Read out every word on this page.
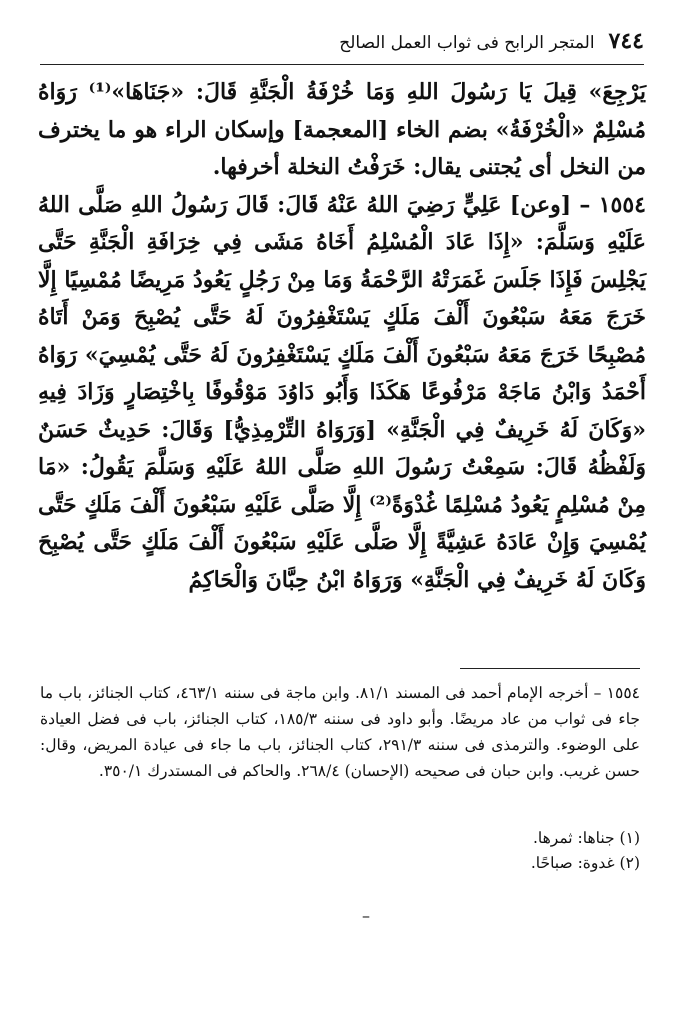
٧٤٤
المتجر الرابح فى ثواب العمل الصالح

يَرْجِعَ» قِيلَ يَا رَسُولَ اللهِ وَمَا خُرْفَةُ الْجَنَّةِ قَالَ: «جَنَاهَا»⁽¹⁾ رَوَاهُ مُسْلِمٌ «الْخُرْفَةُ» بضم الخاء [المعجمة] وإسكان الراء هو ما يخترف من النخل أى يُجتنى يقال: خَرَفْتُ النخلة أخرفها.

١٥٥٤ – [وعن] عَلِيٍّ رَضِيَ اللهُ عَنْهُ قَالَ: قَالَ رَسُولُ اللهِ صَلَّى اللهُ عَلَيْهِ وَسَلَّمَ: «إِذَا عَادَ الْمُسْلِمُ أَخَاهُ مَشَى فِي خِرَافَةِ الْجَنَّةِ حَتَّى يَجْلِسَ فَإِذَا جَلَسَ غَمَرَتْهُ الرَّحْمَةُ وَمَا مِنْ رَجُلٍ يَعُودُ مَرِيضًا مُمْسِيًا إِلَّا خَرَجَ مَعَهُ سَبْعُونَ أَلْفَ مَلَكٍ يَسْتَغْفِرُونَ لَهُ حَتَّى يُصْبِحَ وَمَنْ أَتَاهُ مُصْبِحًا خَرَجَ مَعَهُ سَبْعُونَ أَلْفَ مَلَكٍ يَسْتَغْفِرُونَ لَهُ حَتَّى يُمْسِيَ» رَوَاهُ أَحْمَدُ وَابْنُ مَاجَهْ مَرْفُوعًا هَكَذَا وَأَبُو دَاوُدَ مَوْقُوفًا بِاخْتِصَارٍ وَزَادَ فِيهِ «وَكَانَ لَهُ خَرِيفٌ فِي الْجَنَّةِ» [وَرَوَاهُ التِّرْمِذِيُّ] وَقَالَ: حَدِيثٌ حَسَنٌ وَلَفْظُهُ قَالَ: سَمِعْتُ رَسُولَ اللهِ صَلَّى اللهُ عَلَيْهِ وَسَلَّمَ يَقُولُ: «مَا مِنْ مُسْلِمٍ يَعُودُ مُسْلِمًا غُدْوَةً⁽²⁾ إِلَّا صَلَّى عَلَيْهِ سَبْعُونَ أَلْفَ مَلَكٍ حَتَّى يُمْسِيَ وَإِنْ عَادَهُ عَشِيَّةً إِلَّا صَلَّى عَلَيْهِ سَبْعُونَ أَلْفَ مَلَكٍ حَتَّى يُصْبِحَ وَكَانَ لَهُ خَرِيفٌ فِي الْجَنَّةِ» وَرَوَاهُ ابْنُ حِبَّانَ وَالْحَاكِمُ

١٥٥٤ – أخرجه الإمام أحمد فى المسند ٨١/١. وابن ماجة فى سننه ٤٦٣/١، كتاب الجنائز، باب ما جاء فى ثواب من عاد مريضًا. وأبو داود فى سننه ١٨٥/٣، كتاب الجنائز، باب فى فضل العيادة على الوضوء. والترمذى فى سننه ٢٩١/٣، كتاب الجنائز، باب ما جاء فى عيادة المريض، وقال: حسن غريب. وابن حبان فى صحيحه (الإحسان) ٢٦٨/٤. والحاكم فى المستدرك ٣٥٠/١.
(١) جناها: ثمرها.
(٢) غدوة: صباحًا.
–
